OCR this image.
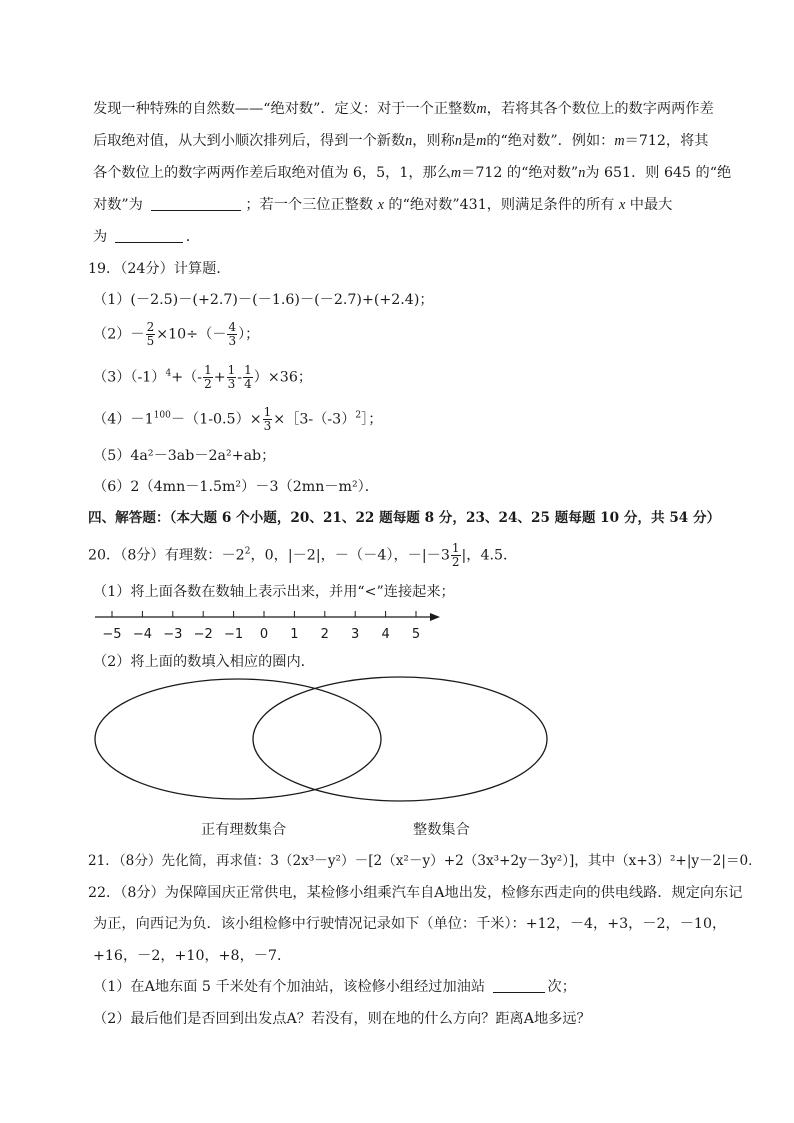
发现一种特殊的自然数——“绝对数”．定义：对于一个正整数m，若将其各个数位上的数字两两作差
后取绝对值，从大到小顺次排列后，得到一个新数n，则称n是m的“绝对数”．例如：m＝712，将其
各个数位上的数字两两作差后取绝对值为 6，5，1，那么m＝712 的“绝对数”n为 651．则 645 的“绝
对数”为	；若一个三位正整数 x 的“绝对数”431，则满足条件的所有 x 中最大
为	．
19．（24分）计算题．
（1）(－2.5)－(+2.7)－(－1.6)－(－2.7)+(+2.4)；
$(2)- \frac{2}{5} \times 10\div(- \frac{4}{3}$ ）；
$(3)(-1)^4+(- \frac{1}{2} + \frac{1}{3} - \frac{1}{4} )\times 36$；
$(4)-1^{100}-(1-0.5)\times \frac{1}{3}$ $\times[3-(-3)^2]$；
（5）4a²－3ab－2a²+ab；
（6）2（4mn－1.5m²）－3（2mn－m²）．
四、解答题：（本大题 6 个小题，20、21、22 题每题 8 分，23、24、25 题每题 10 分，共 54 分）
20．（8分）有理数：$-2^2$，0，|－2|，－（－4），$-|-3 \frac{1}{2}$ |，4.5．
（1）将上面各数在数轴上表示出来，并用“<”连接起来；
−5 −4 −3 −2 −1 0 1 2 3 4 5
（2）将上面的数填入相应的圈内．
正有理数集合	整数集合
21．（8分）先化简，再求值：3（2x³－y²）－[2（x²－y）+2（3x³+2y－3y²）]，其中（x+3）²+|y－2|＝0．
22．（8分）为保障国庆正常供电，某检修小组乘汽车自A地出发，检修东西走向的供电线路．规定向东记
为正，向西记为负．该小组检修中行驶情况记录如下（单位：千米）：+12，－4，+3，－2，－10，
+16，－2，+10，+8，－7．
（1）在A地东面 5 千米处有个加油站，该检修小组经过加油站	次；
（2）最后他们是否回到出发点A？若没有，则在地的什么方向？距离A地多远？
